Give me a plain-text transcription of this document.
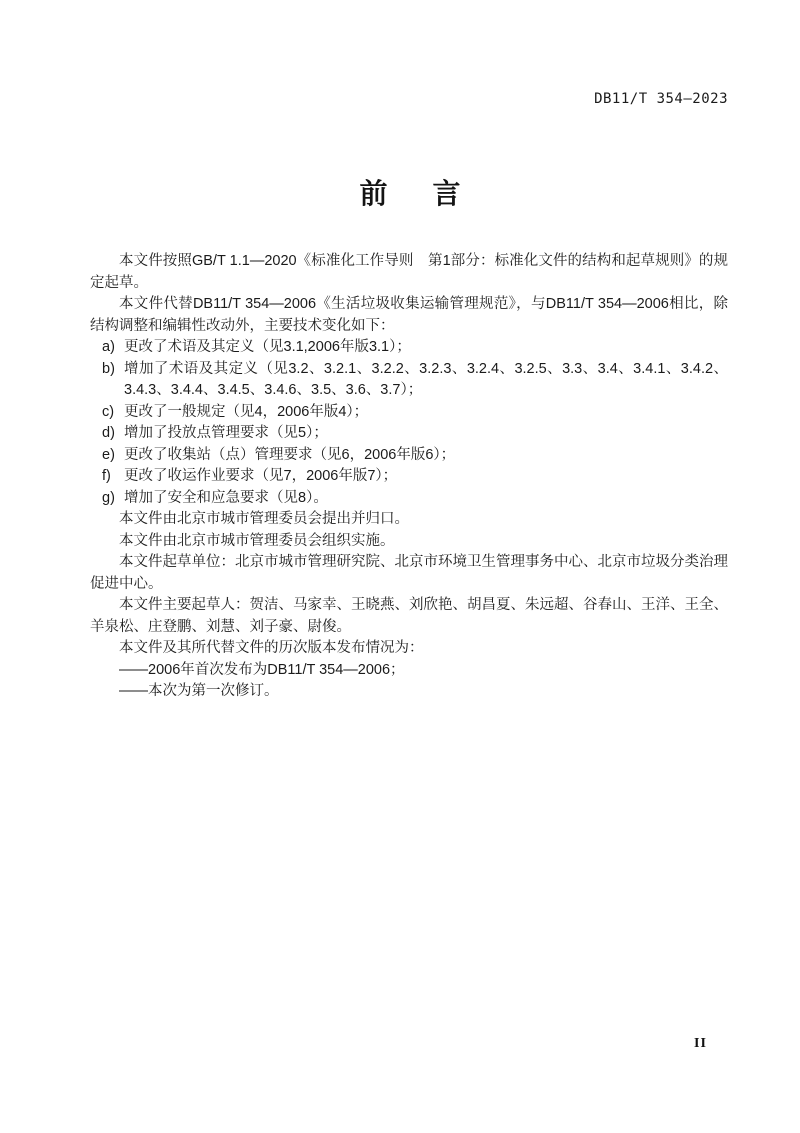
DB11/T 354—2023
前 言

本文件按照GB/T 1.1—2020《标准化工作导则　第1部分：标准化文件的结构和起草规则》的规定起草。

本文件代替DB11/T 354—2006《生活垃圾收集运输管理规范》，与DB11/T 354—2006相比，除结构调整和编辑性改动外，主要技术变化如下：

a) 更改了术语及其定义（见3.1,2006年版3.1）；
b) 增加了术语及其定义（见3.2、3.2.1、3.2.2、3.2.3、3.2.4、3.2.5、3.3、3.4、3.4.1、3.4.2、3.4.3、3.4.4、3.4.5、3.4.6、3.5、3.6、3.7）；
c) 更改了一般规定（见4，2006年版4）；
d) 增加了投放点管理要求（见5）；
e) 更改了收集站（点）管理要求（见6，2006年版6）；
f) 更改了收运作业要求（见7，2006年版7）；
g) 增加了安全和应急要求（见8）。

本文件由北京市城市管理委员会提出并归口。

本文件由北京市城市管理委员会组织实施。

本文件起草单位：北京市城市管理研究院、北京市环境卫生管理事务中心、北京市垃圾分类治理促进中心。

本文件主要起草人：贺洁、马家幸、王晓燕、刘欣艳、胡昌夏、朱远超、谷春山、王洋、王全、羊泉松、庄登鹏、刘慧、刘子豪、尉俊。

本文件及其所代替文件的历次版本发布情况为：

——2006年首次发布为DB11/T 354—2006；

——本次为第一次修订。

II
